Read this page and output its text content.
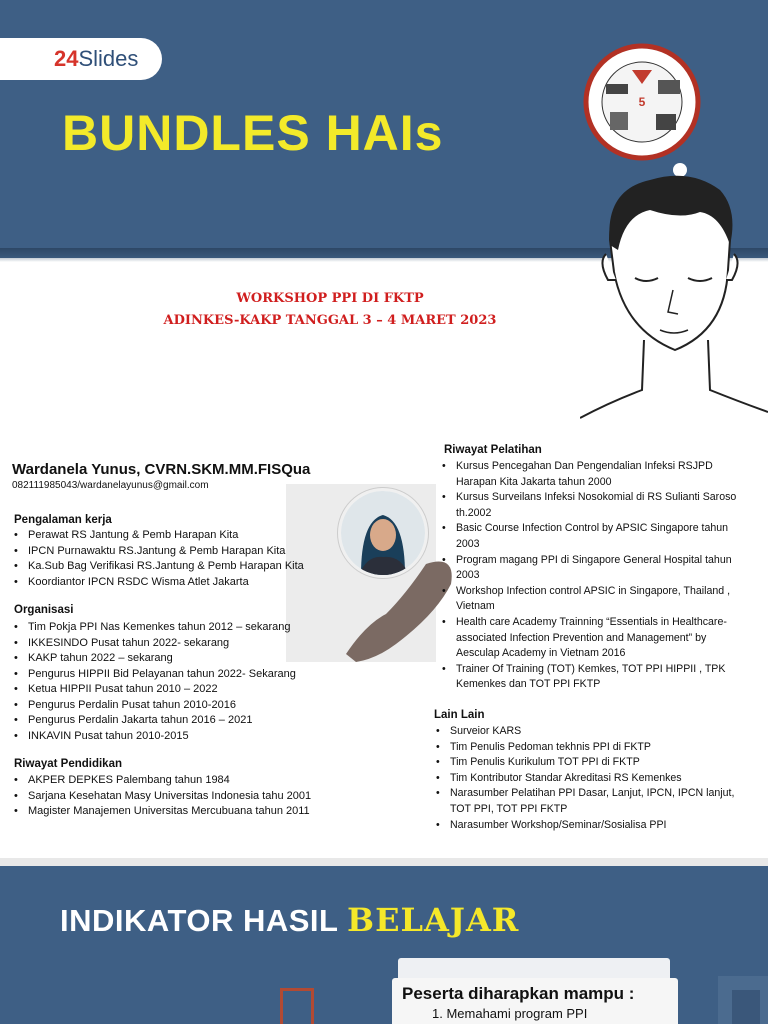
24Slides
BUNDLES HAIs
WORKSHOP PPI DI FKTP
ADINKES-KAKP TANGGAL 3 – 4 MARET 2023
5
Wardanela Yunus, CVRN.SKM.MM.FISQua
082111985043/wardanelayunus@gmail.com
Pengalaman kerja
• Perawat RS Jantung & Pemb Harapan Kita
• IPCN Purnawaktu RS.Jantung & Pemb Harapan Kita
• Ka.Sub Bag Verifikasi RS.Jantung & Pemb Harapan Kita
• Koordiantor IPCN RSDC Wisma Atlet Jakarta
Organisasi
• Tim Pokja PPI Nas Kemenkes tahun 2012 – sekarang
• IKKESINDO Pusat tahun 2022- sekarang
• KAKP tahun 2022 – sekarang
• Pengurus HIPPII Bid Pelayanan tahun 2022- Sekarang
• Ketua HIPPII Pusat tahun 2010 – 2022
• Pengurus Perdalin Pusat tahun 2010-2016
• Pengurus Perdalin Jakarta tahun 2016 – 2021
• INKAVIN Pusat tahun 2010-2015
Riwayat Pendidikan
• AKPER DEPKES Palembang tahun 1984
• Sarjana Kesehatan Masy Universitas Indonesia tahu 2001
• Magister Manajemen Universitas Mercubuana tahun 2011
Riwayat Pelatihan
• Kursus Pencegahan Dan Pengendalian Infeksi RSJPD Harapan Kita Jakarta tahun 2000
• Kursus Surveilans Infeksi Nosokomial di RS Sulianti Saroso th.2002
• Basic Course Infection Control by APSIC Singapore tahun 2003
• Program magang PPI di Singapore General Hospital tahun 2003
• Workshop Infection control APSIC in Singapore, Thailand , Vietnam
• Health care Academy Trainning “Essentials in Healthcare-associated Infection Prevention and Management” by Aesculap Academy in Vietnam 2016
• Trainer Of Training (TOT) Kemkes, TOT PPI HIPPII , TPK Kemenkes dan TOT PPI FKTP
Lain Lain
• Surveior KARS
• Tim Penulis Pedoman tekhnis PPI di FKTP
• Tim Penulis Kurikulum TOT PPI di FKTP
• Tim Kontributor Standar Akreditasi RS Kemenkes
• Narasumber Pelatihan PPI Dasar, Lanjut, IPCN, IPCN lanjut, TOT PPI, TOT PPI FKTP
• Narasumber Workshop/Seminar/Sosialisa PPI
INDIKATOR HASIL BELAJAR
Peserta diharapkan mampu :
1. Memahami program PPI
